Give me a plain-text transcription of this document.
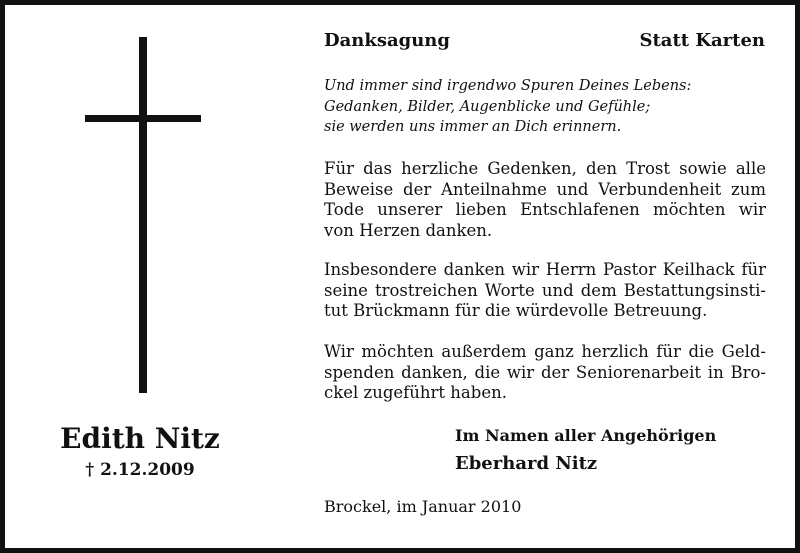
Edith Nitz
† 2.12.2009
Danksagung	Statt Karten
Und immer sind irgendwo Spuren Deines Lebens:
Gedanken, Bilder, Augenblicke und Gefühle;
sie werden uns immer an Dich erinnern.
Für das herzliche Gedenken, den Trost sowie alle
Beweise der Anteilnahme und Verbundenheit zum
Tode unserer lieben Entschlafenen möchten wir
von Herzen danken.
Insbesondere danken wir Herrn Pastor Keilhack für
seine trostreichen Worte und dem Bestattungsinsti-
tut Brückmann für die würdevolle Betreuung.
Wir möchten außerdem ganz herzlich für die Geld-
spenden danken, die wir der Seniorenarbeit in Bro-
ckel zugeführt haben.
Im Namen aller Angehörigen
Eberhard Nitz
Brockel, im Januar 2010
